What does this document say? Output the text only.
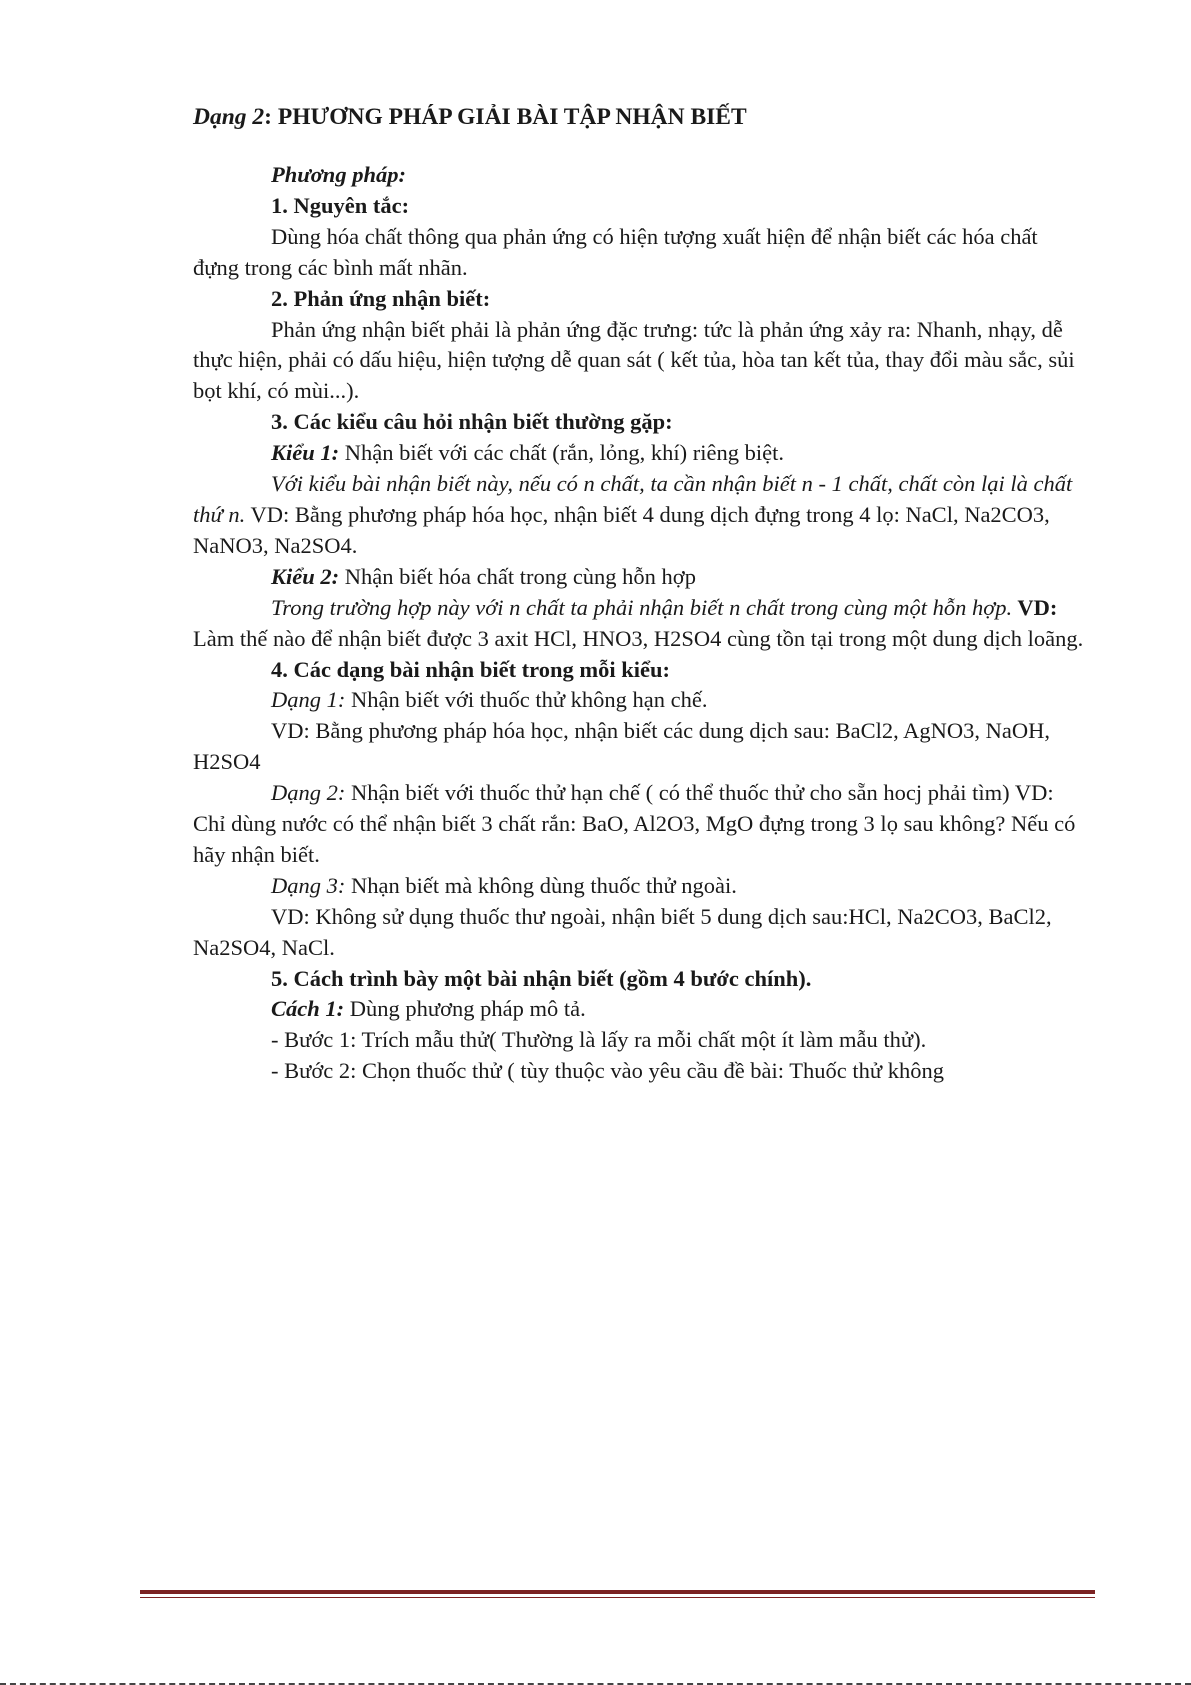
Dạng 2: PHƯƠNG PHÁP GIẢI BÀI TẬP NHẬN BIẾT

Phương pháp:

1. Nguyên tắc:

Dùng hóa chất thông qua phản ứng có hiện tượng xuất hiện để nhận biết các hóa chất đựng trong các bình mất nhãn.

2. Phản ứng nhận biết:

Phản ứng nhận biết phải là phản ứng đặc trưng: tức là phản ứng xảy ra: Nhanh, nhạy, dễ thực hiện, phải có dấu hiệu, hiện tượng dễ quan sát ( kết tủa, hòa tan kết tủa, thay đổi màu sắc, sủi bọt khí, có mùi...).

3. Các kiểu câu hỏi nhận biết thường gặp:

Kiểu 1: Nhận biết với các chất (rắn, lỏng, khí) riêng biệt.

Với kiểu bài nhận biết này, nếu có n chất, ta cần nhận biết n - 1 chất, chất còn lại là chất thứ n. VD: Bằng phương pháp hóa học, nhận biết 4 dung dịch đựng trong 4 lọ: NaCl, Na2CO3, NaNO3, Na2SO4.

Kiểu 2: Nhận biết hóa chất trong cùng hỗn hợp

Trong trường hợp này với n chất ta phải nhận biết n chất trong cùng một hỗn hợp. VD: Làm thế nào để nhận biết được 3 axit HCl, HNO3, H2SO4 cùng tồn tại trong một dung dịch loãng.

4. Các dạng bài nhận biết trong mỗi kiểu:

Dạng 1: Nhận biết với thuốc thử không hạn chế.

VD: Bằng phương pháp hóa học, nhận biết các dung dịch sau: BaCl2, AgNO3, NaOH, H2SO4

Dạng 2: Nhận biết với thuốc thử hạn chế ( có thể thuốc thử cho sẵn hocj phải tìm) VD: Chỉ dùng nước có thể nhận biết 3 chất rắn: BaO, Al2O3, MgO đựng trong 3 lọ sau không? Nếu có hãy nhận biết.

Dạng 3: Nhạn biết mà không dùng thuốc thử ngoài.

VD: Không sử dụng thuốc thư ngoài, nhận biết 5 dung dịch sau:HCl, Na2CO3, BaCl2, Na2SO4, NaCl.

5. Cách trình bày một bài nhận biết (gồm 4 bước chính).

Cách 1: Dùng phương pháp mô tả.

- Bước 1: Trích mẫu thử( Thường là lấy ra mỗi chất một ít làm mẫu thử).

- Bước 2: Chọn thuốc thử ( tùy thuộc vào yêu cầu đề bài: Thuốc thử không
